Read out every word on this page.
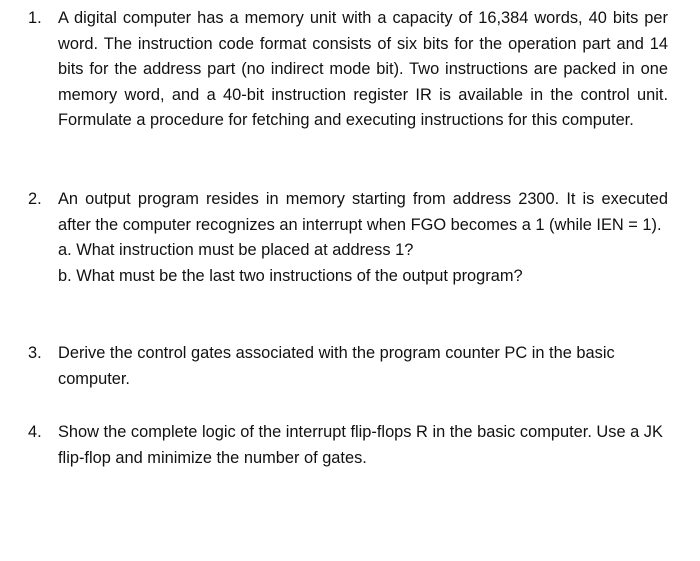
1. A digital computer has a memory unit with a capacity of 16,384 words, 40 bits per word. The instruction code format consists of six bits for the operation part and 14 bits for the address part (no indirect mode bit). Two instructions are packed in one memory word, and a 40-bit instruction register IR is available in the control unit. Formulate a procedure for fetching and executing instructions for this computer.

2. An output program resides in memory starting from address 2300. It is executed after the computer recognizes an interrupt when FGO becomes a 1 (while IEN = 1).

a. What instruction must be placed at address 1?

b. What must be the last two instructions of the output program?

3. Derive the control gates associated with the program counter PC in the basic computer.

4. Show the complete logic of the interrupt flip-flops R in the basic computer. Use a JK flip-flop and minimize the number of gates.
